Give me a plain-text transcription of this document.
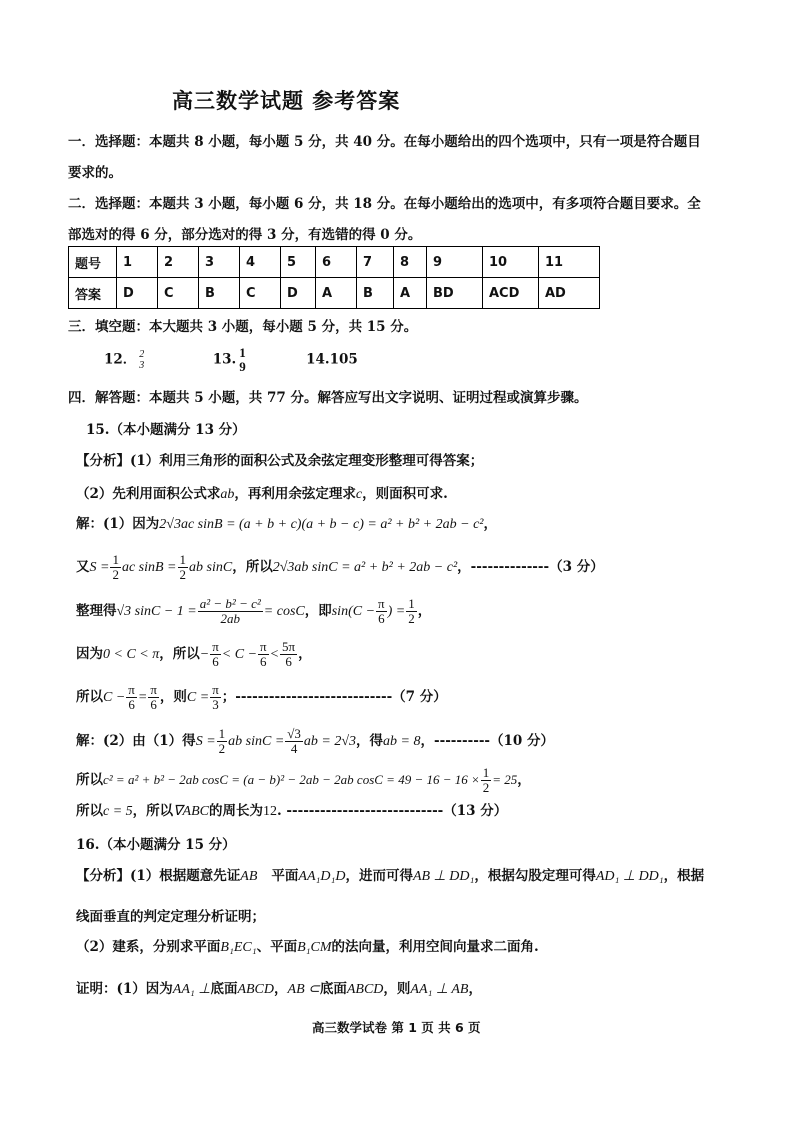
高三数学试题 参考答案
一．选择题：本题共 8 小题，每小题 5 分，共 40 分。在每小题给出的四个选项中，只有一项是符合题目
要求的。
二．选择题：本题共 3 小题，每小题 6 分，共 18 分。在每小题给出的选项中，有多项符合题目要求。全
部选对的得 6 分，部分选对的得 3 分，有选错的得 0 分。
题号	1	2	3	4	5	6	7	8	9	10	11
答案	D	C	B	C	D	A	B	A	BD	ACD	AD
三．填空题：本大题共 3 小题，每小题 5 分，共 15 分。
12． 2
3	13. 1
9	14.105
四．解答题：本题共 5 小题，共 77 分。解答应写出文字说明、证明过程或演算步骤。
15.（本小题满分 13 分）
【分析】(1）利用三角形的面积公式及余弦定理变形整理可得答案；
（2）先利用面积公式求ab，再利用余弦定理求c，则面积可求.
解：(1）因为2√3ac sinB = (a + b + c)(a + b − c) = a² + b² + 2ab − c²，
又$S = \frac{1}{2}$ ac $\sin B = \frac{1}{2}$ ab sinC，所以2√3ab sinC = a² + b² + 2ab − c²，--------------（3 分）
整理得√3 $\sin C - 1 = \frac{\text{a² − b² − c²}}{2ab} = \cos C$，即$\sin(C - \frac{\pi}{6}$ ) = $\frac{1}{2}$ ，
因为0 < C < π，所以− $\frac{\pi}{6} < C - \frac{\pi}{6} < \frac{5\pi}{6}$ ，
所以$C - \frac{\pi}{6} = \frac{\pi}{6}$ ，则$C = \frac{\pi}{3}$ ；----------------------------（7 分）
解：(2）由（1）得$S = \frac{1}{2}$ ab $\sin C = \frac{√3}{4}$ ab = 2√3，得ab = 8，----------（10 分）
所以c² = a² + b² − 2ab cosC = (a − b)² − 2ab − 2ab $\cos C = 49 - 16 - 16 \times \frac{1}{2} = 25$，
所以c = 5，所以∇ABC的周长为12. ----------------------------（13 分）
16.（本小题满分 15 分）
【分析】(1）根据题意先证AB 平面AA₁D₁D，进而可得AB ⊥ DD₁，根据勾股定理可得AD₁ ⊥ DD₁，根据
线面垂直的判定定理分析证明；
（2）建系，分别求平面B₁EC₁、平面B₁CM的法向量，利用空间向量求二面角.
证明：(1）因为AA₁ ⊥底面ABCD，AB ⊂底面ABCD，则AA₁ ⊥ AB，
高三数学试卷 第 1 页 共 6 页
